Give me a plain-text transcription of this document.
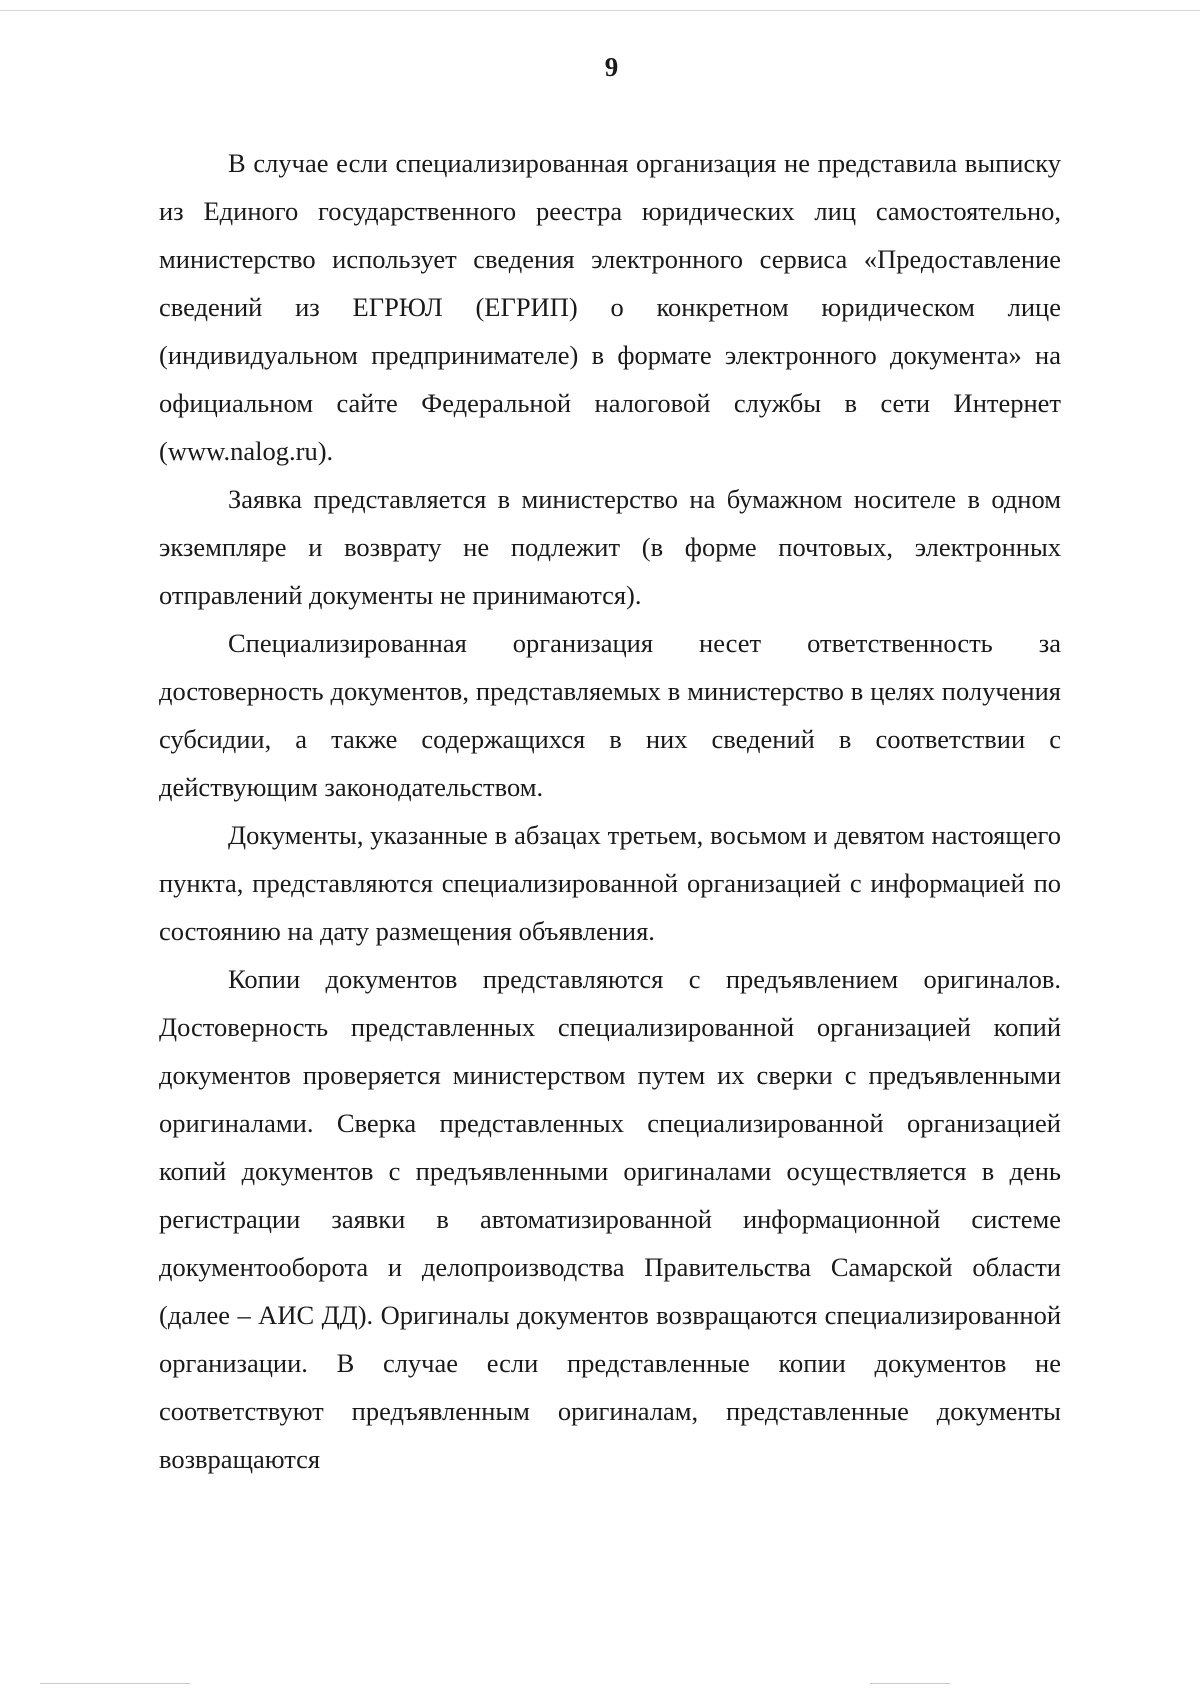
9

В случае если специализированная организация не представила выписку из Единого государственного реестра юридических лиц самостоятельно, министерство использует сведения электронного сервиса «Предоставление сведений из ЕГРЮЛ (ЕГРИП) о конкретном юридическом лице (индивидуальном предпринимателе) в формате электронного документа» на официальном сайте Федеральной налоговой службы в сети Интернет (www.nalog.ru).

Заявка представляется в министерство на бумажном носителе в одном экземпляре и возврату не подлежит (в форме почтовых, электронных отправлений документы не принимаются).

Специализированная организация несет ответственность за достоверность документов, представляемых в министерство в целях получения субсидии, а также содержащихся в них сведений в соответствии с действующим законодательством.

Документы, указанные в абзацах третьем, восьмом и девятом настоящего пункта, представляются специализированной организацией с информацией по состоянию на дату размещения объявления.

Копии документов представляются с предъявлением оригиналов. Достоверность представленных специализированной организацией копий документов проверяется министерством путем их сверки с предъявленными оригиналами. Сверка представленных специализированной организацией копий документов с предъявленными оригиналами осуществляется в день регистрации заявки в автоматизированной информационной системе документооборота и делопроизводства Правительства Самарской области (далее – АИС ДД). Оригиналы документов возвращаются специализированной организации. В случае если представленные копии документов не соответствуют предъявленным оригиналам, представленные документы возвращаются
